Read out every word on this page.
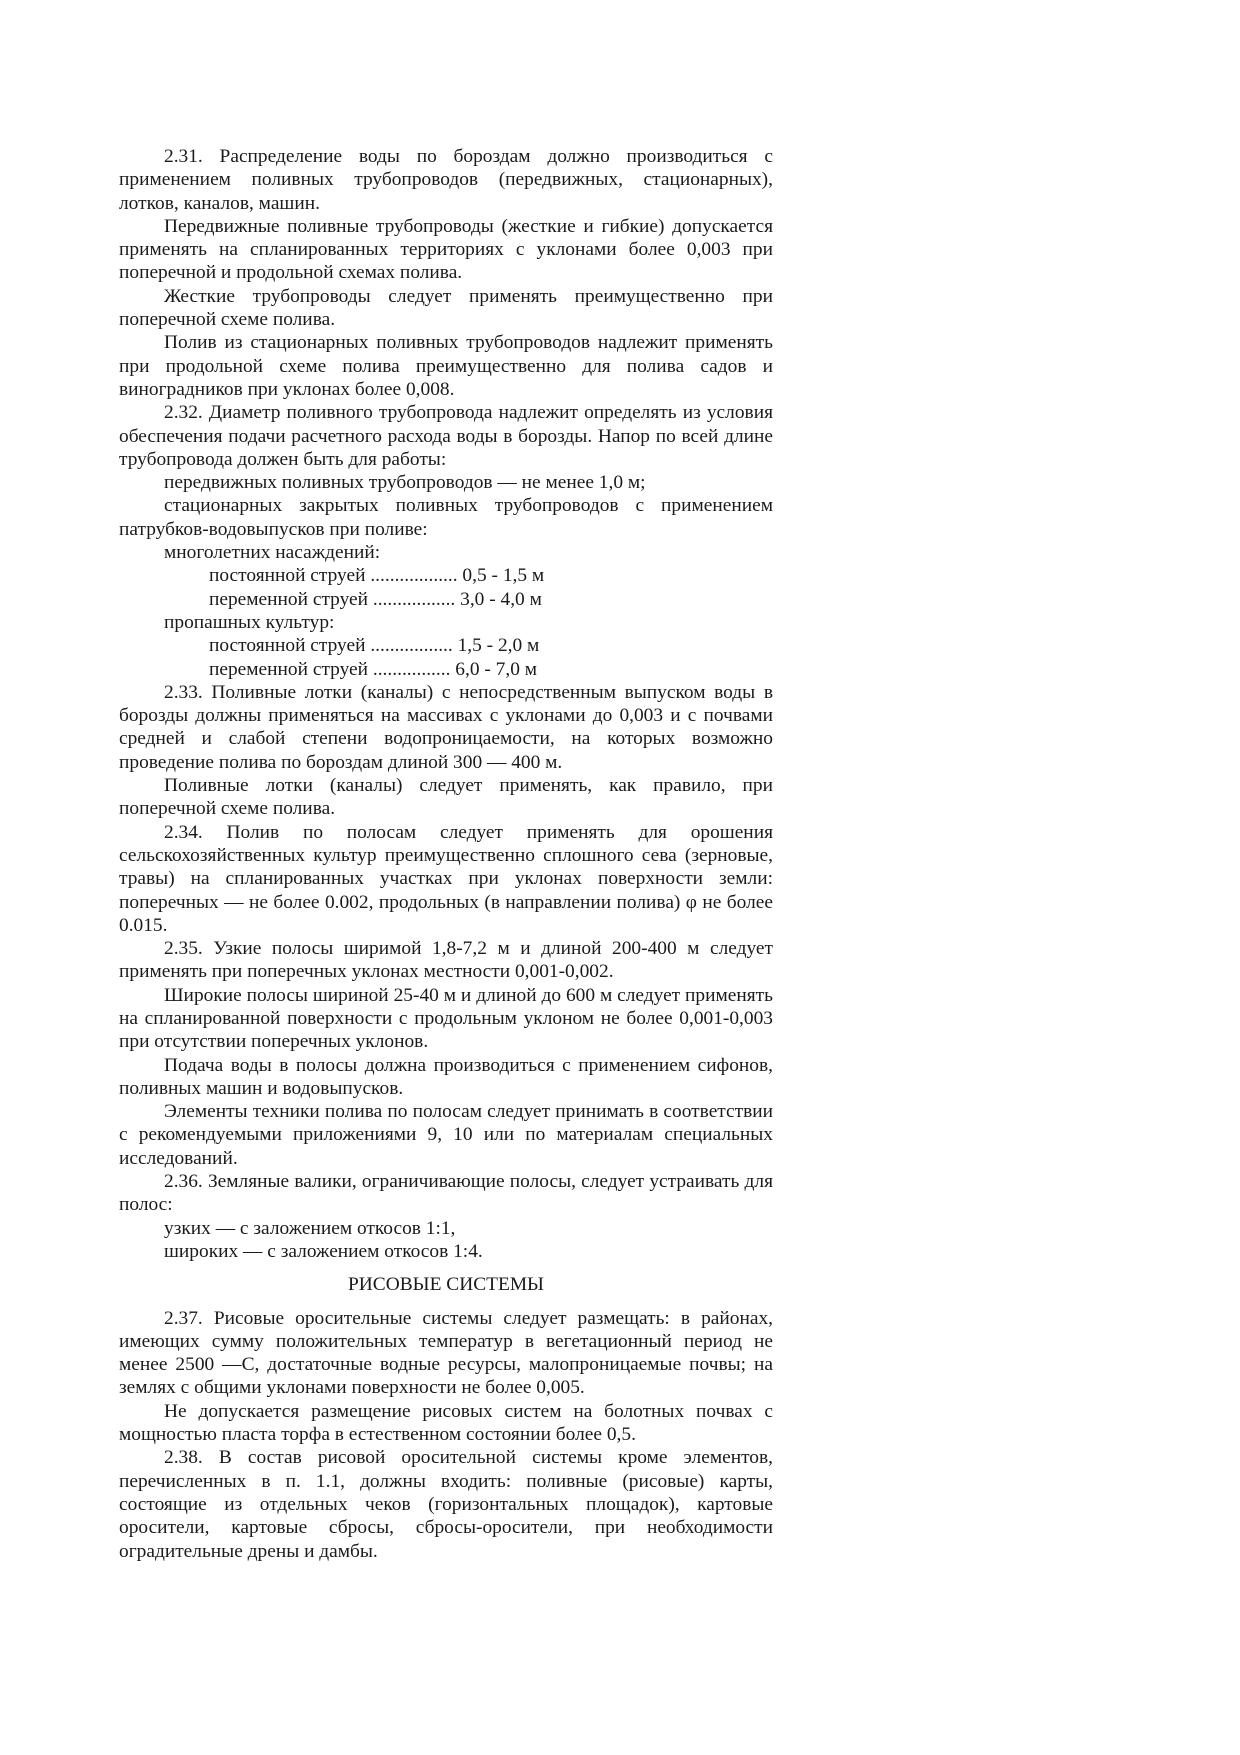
2.31. Распределение воды по бороздам должно производиться с применением поливных трубопроводов (передвижных, стационарных), лотков, каналов, машин.

Передвижные поливные трубопроводы (жесткие и гибкие) допускается применять на спланированных территориях с уклонами более 0,003 при поперечной и продольной схемах полива.

Жесткие трубопроводы следует применять преимущественно при поперечной схеме полива.

Полив из стационарных поливных трубопроводов надлежит применять при продольной схеме полива преимущественно для полива садов и виноградников при уклонах более 0,008.

2.32. Диаметр поливного трубопровода надлежит определять из условия обеспечения подачи расчетного расхода воды в борозды. Напор по всей длине трубопровода должен быть для работы:

передвижных поливных трубопроводов — не менее 1,0 м;

стационарных закрытых поливных трубопроводов с применением патрубков-водовыпусков при поливе:

многолетних насаждений:

постоянной струей .................. 0,5 - 1,5 м

переменной струей ................. 3,0 - 4,0 м

пропашных культур:

постоянной струей ................. 1,5 - 2,0 м

переменной струей ................ 6,0 - 7,0 м

2.33. Поливные лотки (каналы) с непосредственным выпуском воды в борозды должны применяться на массивах с уклонами до 0,003 и с почвами средней и слабой степени водопроницаемости, на которых возможно проведение полива по бороздам длиной 300 — 400 м.

Поливные лотки (каналы) следует применять, как правило, при поперечной схеме полива.

2.34. Полив по полосам следует применять для орошения сельскохозяйственных культур преимущественно сплошного сева (зерновые, травы) на спланированных участках при уклонах поверхности земли: поперечных — не более 0.002, продольных (в направлении полива) φ не более 0.015.

2.35. Узкие полосы ширимой 1,8-7,2 м и длиной 200-400 м следует применять при поперечных уклонах местности 0,001-0,002.

Широкие полосы шириной 25-40 м и длиной до 600 м следует применять на спланированной поверхности с продольным уклоном не более 0,001-0,003 при отсутствии поперечных уклонов.

Подача воды в полосы должна производиться с применением сифонов, поливных машин и водовыпусков.

Элементы техники полива по полосам следует принимать в соответствии с рекомендуемыми приложениями 9, 10 или по материалам специальных исследований.

2.36. Земляные валики, ограничивающие полосы, следует устраивать для полос:

узких — с заложением откосов 1:1,

широких — с заложением откосов 1:4.

РИСОВЫЕ СИСТЕМЫ

2.37. Рисовые оросительные системы следует размещать: в районах, имеющих сумму положительных температур в вегетационный период не менее 2500 —С, достаточные водные ресурсы, малопроницаемые почвы; на землях с общими уклонами поверхности не более 0,005.

Не допускается размещение рисовых систем на болотных почвах с мощностью пласта торфа в естественном состоянии более 0,5.

2.38. В состав рисовой оросительной системы кроме элементов, перечисленных в п. 1.1, должны входить: поливные (рисовые) карты, состоящие из отдельных чеков (горизонтальных площадок), картовые оросители, картовые сбросы, сбросы-оросители, при необходимости оградительные дрены и дамбы.
